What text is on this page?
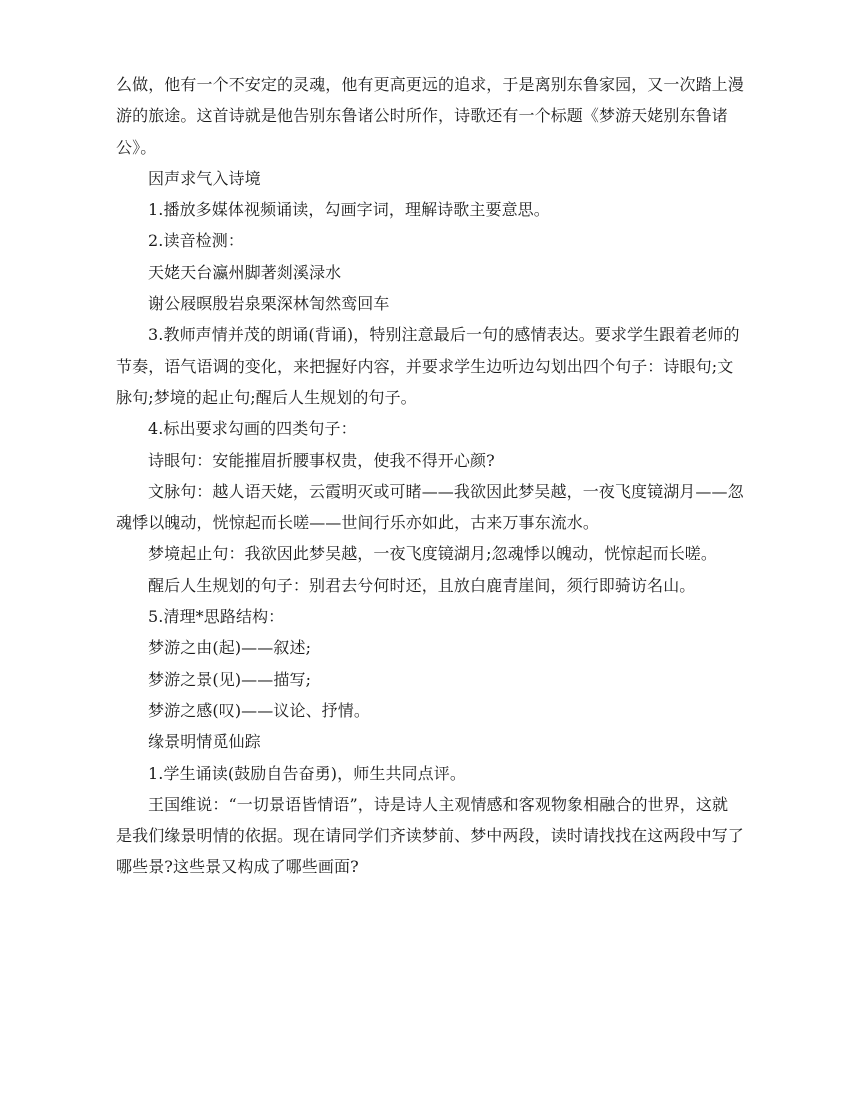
么做，他有一个不安定的灵魂，他有更高更远的追求，于是离别东鲁家园，又一次踏上漫游的旅途。这首诗就是他告别东鲁诸公时所作，诗歌还有一个标题《梦游天姥别东鲁诸公》。

因声求气入诗境

1.播放多媒体视频诵读，勾画字词，理解诗歌主要意思。

2.读音检测：

天姥天台瀛州脚著剡溪渌水

谢公屐暝殷岩泉栗深林訇然鸾回车

3.教师声情并茂的朗诵(背诵)，特别注意最后一句的感情表达。要求学生跟着老师的节奏，语气语调的变化，来把握好内容，并要求学生边听边勾划出四个句子：诗眼句;文脉句;梦境的起止句;醒后人生规划的句子。

4.标出要求勾画的四类句子：

诗眼句：安能摧眉折腰事权贵，使我不得开心颜?

文脉句：越人语天姥，云霞明灭或可睹——我欲因此梦吴越，一夜飞度镜湖月——忽魂悸以魄动，恍惊起而长嗟——世间行乐亦如此，古来万事东流水。

梦境起止句：我欲因此梦吴越，一夜飞度镜湖月;忽魂悸以魄动，恍惊起而长嗟。

醒后人生规划的句子：别君去兮何时还，且放白鹿青崖间，须行即骑访名山。

5.清理*思路结构：

梦游之由(起)——叙述;

梦游之景(见)——描写;

梦游之感(叹)——议论、抒情。

缘景明情觅仙踪

1.学生诵读(鼓励自告奋勇)，师生共同点评。

王国维说：“一切景语皆情语”，诗是诗人主观情感和客观物象相融合的世界，这就是我们缘景明情的依据。现在请同学们齐读梦前、梦中两段，读时请找找在这两段中写了哪些景?这些景又构成了哪些画面?
